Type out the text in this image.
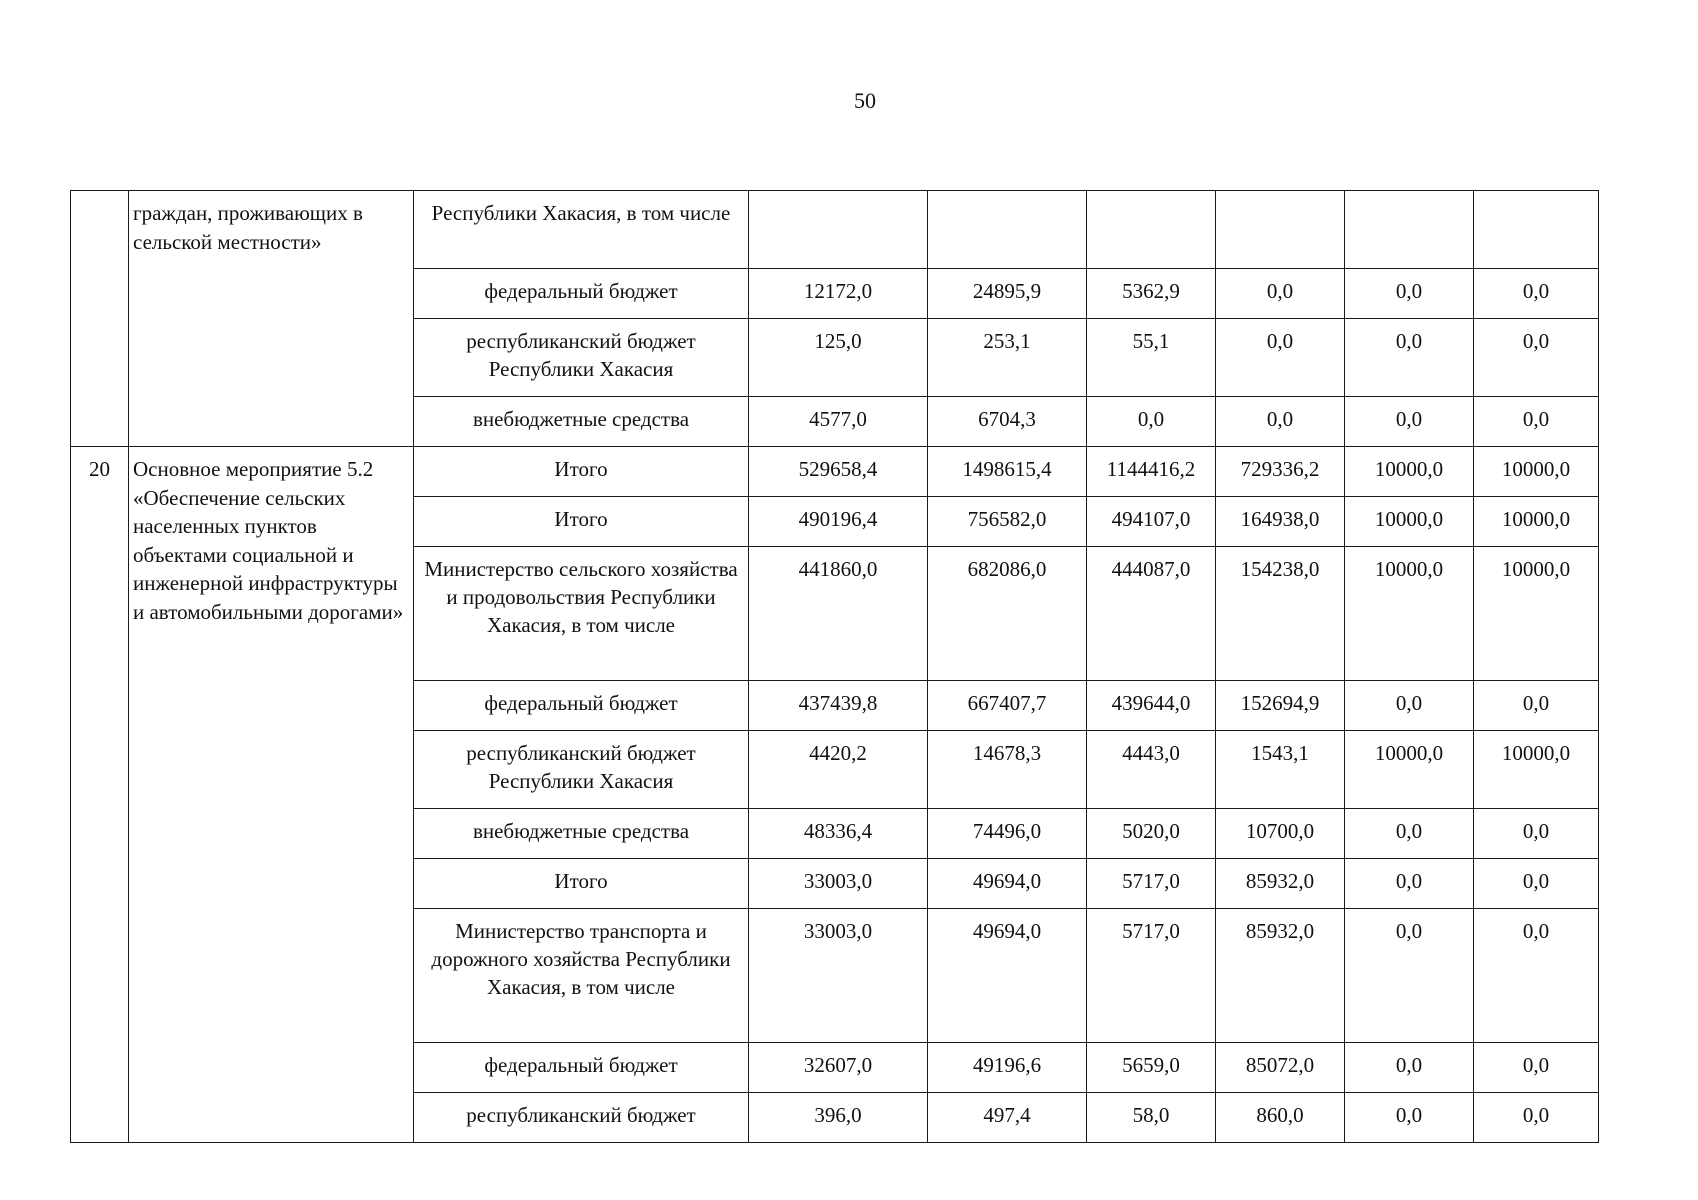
50
	граждан, проживающих в сельской местности»	Республики Хакасия, в том числе						
		федеральный бюджет	12172,0	24895,9	5362,9	0,0	0,0	0,0
		республиканский бюджет Республики Хакасия	125,0	253,1	55,1	0,0	0,0	0,0
		внебюджетные средства	4577,0	6704,3	0,0	0,0	0,0	0,0
20	Основное мероприятие 5.2 «Обеспечение сельских населенных пунктов объектами социальной и инженерной инфраструктуры и автомобильными дорогами»	Итого	529658,4	1498615,4	1144416,2	729336,2	10000,0	10000,0
		Итого	490196,4	756582,0	494107,0	164938,0	10000,0	10000,0
		Министерство сельского хозяйства и продовольствия Республики Хакасия, в том числе	441860,0	682086,0	444087,0	154238,0	10000,0	10000,0
		федеральный бюджет	437439,8	667407,7	439644,0	152694,9	0,0	0,0
		республиканский бюджет Республики Хакасия	4420,2	14678,3	4443,0	1543,1	10000,0	10000,0
		внебюджетные средства	48336,4	74496,0	5020,0	10700,0	0,0	0,0
		Итого	33003,0	49694,0	5717,0	85932,0	0,0	0,0
		Министерство транспорта и дорожного хозяйства Республики Хакасия, в том числе	33003,0	49694,0	5717,0	85932,0	0,0	0,0
		федеральный бюджет	32607,0	49196,6	5659,0	85072,0	0,0	0,0
		республиканский бюджет	396,0	497,4	58,0	860,0	0,0	0,0
